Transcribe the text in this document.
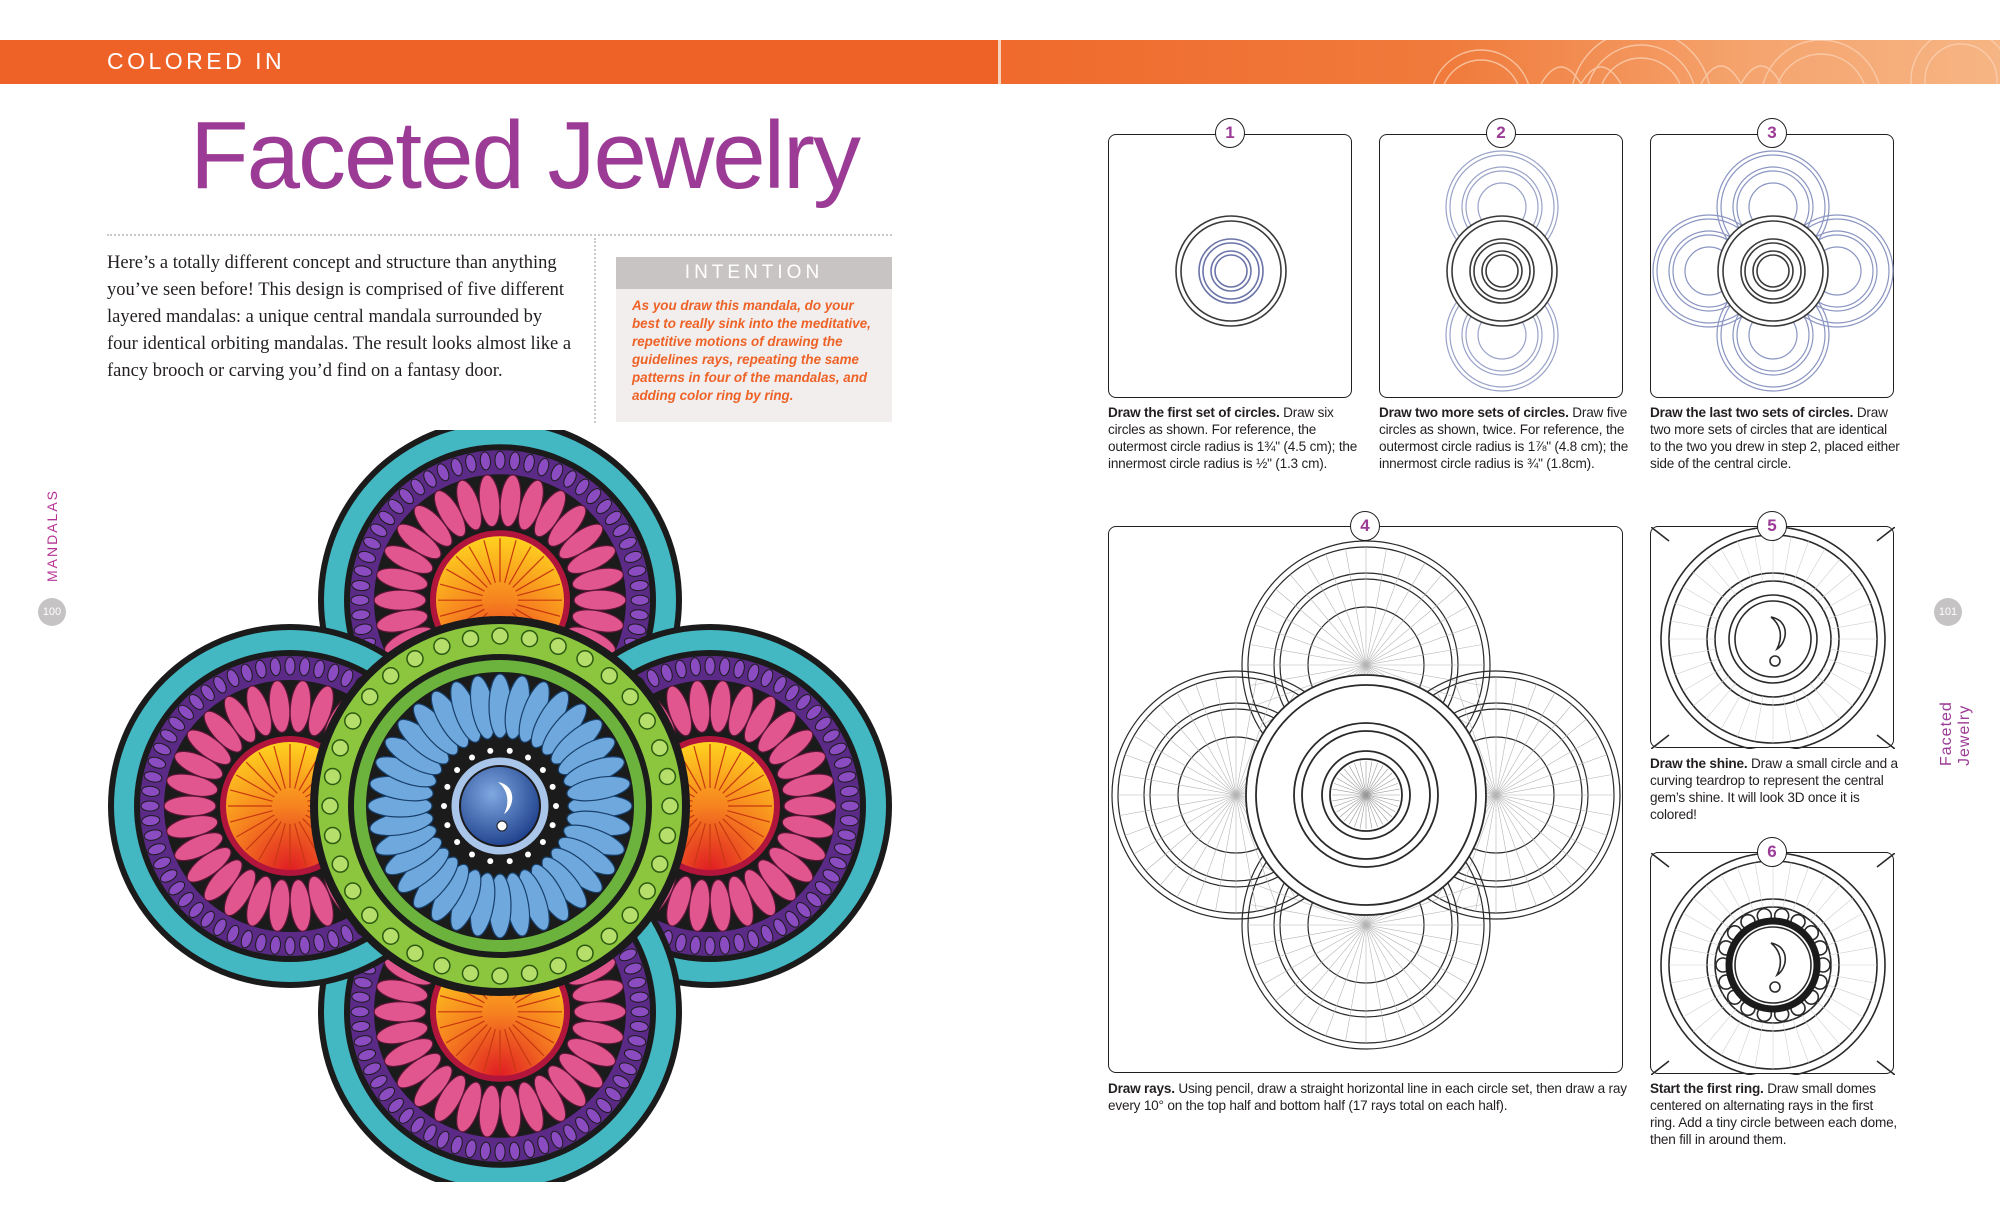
COLORED IN
Faceted Jewelry

Here’s a totally different concept and structure than anything you’ve seen before! This design is comprised of five different layered mandalas: a unique central mandala surrounded by four identical orbiting mandalas. The result looks almost like a fancy brooch or carving you’d find on a fantasy door.

INTENTION
As you draw this mandala, do your best to really sink into the meditative, repetitive motions of drawing the guidelines rays, repeating the same patterns in four of the mandalas, and adding color ring by ring.
MANDALAS
100	101
Faceted Jewelry
1
Draw the first set of circles. Draw six circles as shown. For reference, the outermost circle radius is 1¾" (4.5 cm); the innermost circle radius is ½" (1.3 cm).
2
Draw two more sets of circles. Draw five circles as shown, twice. For reference, the outermost circle radius is 1⅞" (4.8 cm); the innermost circle radius is ¾" (1.8cm).
3
Draw the last two sets of circles. Draw two more sets of circles that are identical to the two you drew in step 2, placed either side of the central circle.
4
Draw rays. Using pencil, draw a straight horizontal line in each circle set, then draw a ray every 10° on the top half and bottom half (17 rays total on each half).
5
Draw the shine. Draw a small circle and a curving teardrop to represent the central gem’s shine. It will look 3D once it is colored!
6
Start the first ring. Draw small domes centered on alternating rays in the first ring. Add a tiny circle between each dome, then fill in around them.
